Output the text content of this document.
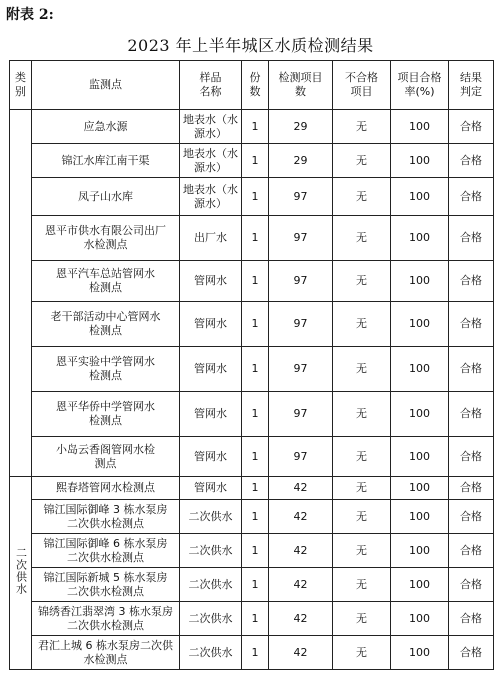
附表 2:
2023 年上半年城区水质检测结果
类别	监测点	样品名称	份数	检测项目数	不合格项目	项目合格率(%)	结果判定
	应急水源	地表水（水源水）	1	29	无	100	合格
	锦江水库江南干渠	地表水（水源水）	1	29	无	100	合格
	凤子山水库	地表水（水源水）	1	97	无	100	合格
	恩平市供水有限公司出厂水检测点	出厂水	1	97	无	100	合格
	恩平汽车总站管网水检测点	管网水	1	97	无	100	合格
	老干部活动中心管网水检测点	管网水	1	97	无	100	合格
	恩平实验中学管网水检测点	管网水	1	97	无	100	合格
	恩平华侨中学管网水检测点	管网水	1	97	无	100	合格
	小岛云香阁管网水检测点	管网水	1	97	无	100	合格
二次供水	熙春塔管网水检测点	管网水	1	42	无	100	合格
	锦江国际御峰 3 栋水泵房二次供水检测点	二次供水	1	42	无	100	合格
	锦江国际御峰 6 栋水泵房二次供水检测点	二次供水	1	42	无	100	合格
	锦江国际新城 5 栋水泵房二次供水检测点	二次供水	1	42	无	100	合格
	锦绣香江翡翠湾 3 栋水泵房二次供水检测点	二次供水	1	42	无	100	合格
	君汇上城 6 栋水泵房二次供水检测点	二次供水	1	42	无	100	合格
